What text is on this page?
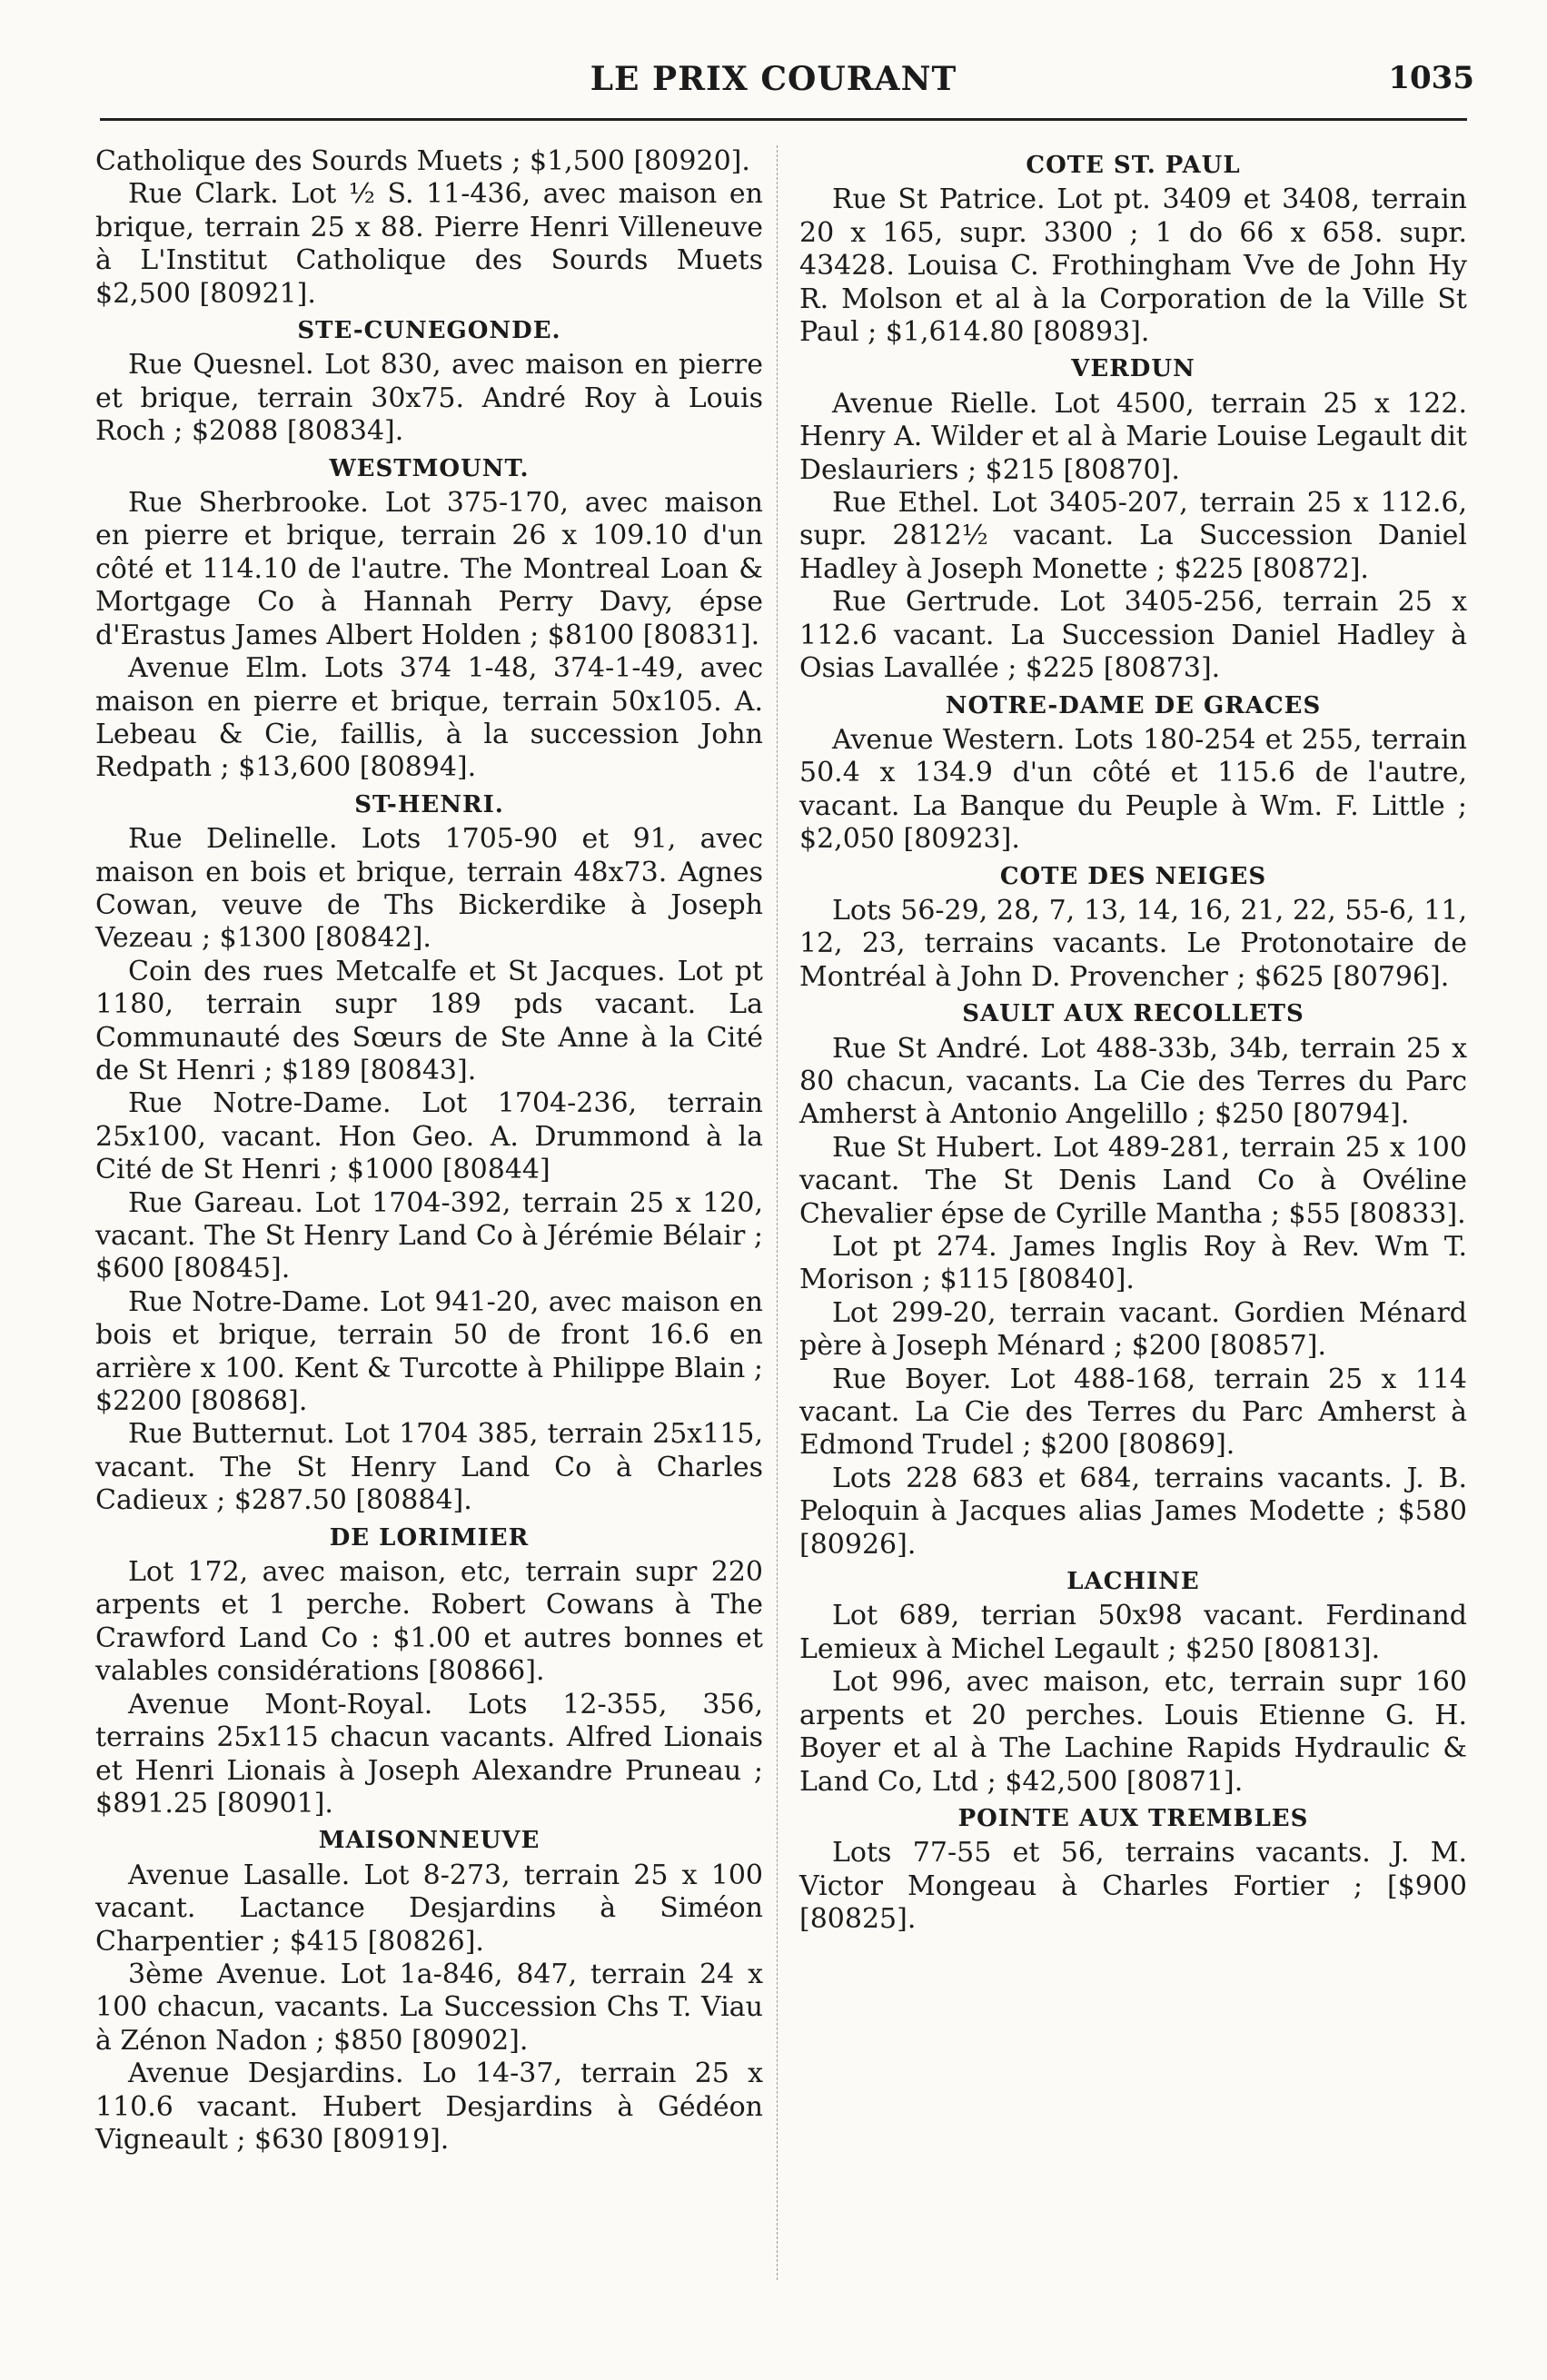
LE PRIX COURANT	1035

Catholique des Sourds Muets ; $1,500 [80920].

Rue Clark. Lot ½ S. 11-436, avec maison en brique, terrain 25 x 88. Pierre Henri Villeneuve à L'Institut Catholique des Sourds Muets $2,500 [80921].

STE-CUNEGONDE.

Rue Quesnel. Lot 830, avec maison en pierre et brique, terrain 30x75. André Roy à Louis Roch ; $2088 [80834].

WESTMOUNT.

Rue Sherbrooke. Lot 375-170, avec maison en pierre et brique, terrain 26 x 109.10 d'un côté et 114.10 de l'autre. The Montreal Loan & Mortgage Co à Hannah Perry Davy, épse d'Erastus James Albert Holden ; $8100 [80831].

Avenue Elm. Lots 374 1-48, 374-1-49, avec maison en pierre et brique, terrain 50x105. A. Lebeau & Cie, faillis, à la succession John Redpath ; $13,600 [80894].

ST-HENRI.

Rue Delinelle. Lots 1705-90 et 91, avec maison en bois et brique, terrain 48x73. Agnes Cowan, veuve de Ths Bickerdike à Joseph Vezeau ; $1300 [80842].

Coin des rues Metcalfe et St Jacques. Lot pt 1180, terrain supr 189 pds vacant. La Communauté des Sœurs de Ste Anne à la Cité de St Henri ; $189 [80843].

Rue Notre-Dame. Lot 1704-236, terrain 25x100, vacant. Hon Geo. A. Drummond à la Cité de St Henri ; $1000 [80844]

Rue Gareau. Lot 1704-392, terrain 25 x 120, vacant. The St Henry Land Co à Jérémie Bélair ; $600 [80845].

Rue Notre-Dame. Lot 941-20, avec maison en bois et brique, terrain 50 de front 16.6 en arrière x 100. Kent & Turcotte à Philippe Blain ; $2200 [80868].

Rue Butternut. Lot 1704 385, terrain 25x115, vacant. The St Henry Land Co à Charles Cadieux ; $287.50 [80884].

DE LORIMIER

Lot 172, avec maison, etc, terrain supr 220 arpents et 1 perche. Robert Cowans à The Crawford Land Co : $1.00 et autres bonnes et valables considérations [80866].

Avenue Mont-Royal. Lots 12-355, 356, terrains 25x115 chacun vacants. Alfred Lionais et Henri Lionais à Joseph Alexandre Pruneau ; $891.25 [80901].

MAISONNEUVE

Avenue Lasalle. Lot 8-273, terrain 25 x 100 vacant. Lactance Desjardins à Siméon Charpentier ; $415 [80826].

3ème Avenue. Lot 1a-846, 847, terrain 24 x 100 chacun, vacants. La Succession Chs T. Viau à Zénon Nadon ; $850 [80902].

Avenue Desjardins. Lo 14-37, terrain 25 x 110.6 vacant. Hubert Desjardins à Gédéon Vigneault ; $630 [80919].

COTE ST. PAUL

Rue St Patrice. Lot pt. 3409 et 3408, terrain 20 x 165, supr. 3300 ; 1 do 66 x 658. supr. 43428. Louisa C. Frothingham Vve de John Hy R. Molson et al à la Corporation de la Ville St Paul ; $1,614.80 [80893].

VERDUN

Avenue Rielle. Lot 4500, terrain 25 x 122. Henry A. Wilder et al à Marie Louise Legault dit Deslauriers ; $215 [80870].

Rue Ethel. Lot 3405-207, terrain 25 x 112.6, supr. 2812½ vacant. La Succession Daniel Hadley à Joseph Monette ; $225 [80872].

Rue Gertrude. Lot 3405-256, terrain 25 x 112.6 vacant. La Succession Daniel Hadley à Osias Lavallée ; $225 [80873].

NOTRE-DAME DE GRACES

Avenue Western. Lots 180-254 et 255, terrain 50.4 x 134.9 d'un côté et 115.6 de l'autre, vacant. La Banque du Peuple à Wm. F. Little ; $2,050 [80923].

COTE DES NEIGES

Lots 56-29, 28, 7, 13, 14, 16, 21, 22, 55-6, 11, 12, 23, terrains vacants. Le Protonotaire de Montréal à John D. Provencher ; $625 [80796].

SAULT AUX RECOLLETS

Rue St André. Lot 488-33b, 34b, terrain 25 x 80 chacun, vacants. La Cie des Terres du Parc Amherst à Antonio Angelillo ; $250 [80794].

Rue St Hubert. Lot 489-281, terrain 25 x 100 vacant. The St Denis Land Co à Ovéline Chevalier épse de Cyrille Mantha ; $55 [80833].

Lot pt 274. James Inglis Roy à Rev. Wm T. Morison ; $115 [80840].

Lot 299-20, terrain vacant. Gordien Ménard père à Joseph Ménard ; $200 [80857].

Rue Boyer. Lot 488-168, terrain 25 x 114 vacant. La Cie des Terres du Parc Amherst à Edmond Trudel ; $200 [80869].

Lots 228 683 et 684, terrains vacants. J. B. Peloquin à Jacques alias James Modette ; $580 [80926].

LACHINE

Lot 689, terrian 50x98 vacant. Ferdinand Lemieux à Michel Legault ; $250 [80813].

Lot 996, avec maison, etc, terrain supr 160 arpents et 20 perches. Louis Etienne G. H. Boyer et al à The Lachine Rapids Hydraulic & Land Co, Ltd ; $42,500 [80871].

POINTE AUX TREMBLES

Lots 77-55 et 56, terrains vacants. J. M. Victor Mongeau à Charles Fortier ; [$900 [80825].
